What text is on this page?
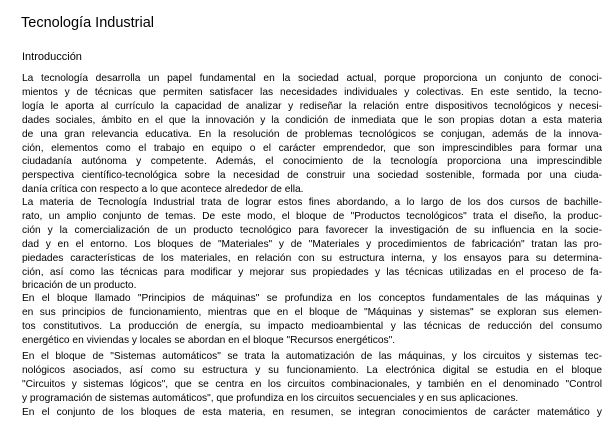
Tecnología Industrial
Introducción
La tecnología desarrolla un papel fundamental en la sociedad actual, porque proporciona un conjunto de conoci-
mientos y de técnicas que permiten satisfacer las necesidades individuales y colectivas. En este sentido, la tecno-
logía le aporta al currículo la capacidad de analizar y rediseñar la relación entre dispositivos tecnológicos y necesi-
dades sociales, ámbito en el que la innovación y la condición de inmediata que le son propias dotan a esta materia
de una gran relevancia educativa. En la resolución de problemas tecnológicos se conjugan, además de la innova-
ción, elementos como el trabajo en equipo o el carácter emprendedor, que son imprescindibles para formar una
ciudadanía autónoma y competente. Además, el conocimiento de la tecnología proporciona una imprescindible
perspectiva científico-tecnológica sobre la necesidad de construir una sociedad sostenible, formada por una ciuda-
danía crítica con respecto a lo que acontece alrededor de ella.
La materia de Tecnología Industrial trata de lograr estos fines abordando, a lo largo de los dos cursos de bachille-
rato, un amplio conjunto de temas. De este modo, el bloque de "Productos tecnológicos" trata el diseño, la produc-
ción y la comercialización de un producto tecnológico para favorecer la investigación de su influencia en la socie-
dad y en el entorno. Los bloques de "Materiales" y de "Materiales y procedimientos de fabricación" tratan las pro-
piedades características de los materiales, en relación con su estructura interna, y los ensayos para su determina-
ción, así como las técnicas para modificar y mejorar sus propiedades y las técnicas utilizadas en el proceso de fa-
bricación de un producto.
En el bloque llamado "Principios de máquinas" se profundiza en los conceptos fundamentales de las máquinas y
en sus principios de funcionamiento, mientras que en el bloque de "Máquinas y sistemas" se exploran sus elemen-
tos constitutivos. La producción de energía, su impacto medioambiental y las técnicas de reducción del consumo
energético en viviendas y locales se abordan en el bloque "Recursos energéticos".
En el bloque de "Sistemas automáticos" se trata la automatización de las máquinas, y los circuitos y sistemas tec-
nológicos asociados, así como su estructura y su funcionamiento. La electrónica digital se estudia en el bloque
"Circuitos y sistemas lógicos", que se centra en los circuitos combinacionales, y también en el denominado "Control
y programación de sistemas automáticos", que profundiza en los circuitos secuenciales y en sus aplicaciones.
En el conjunto de los bloques de esta materia, en resumen, se integran conocimientos de carácter matemático y
